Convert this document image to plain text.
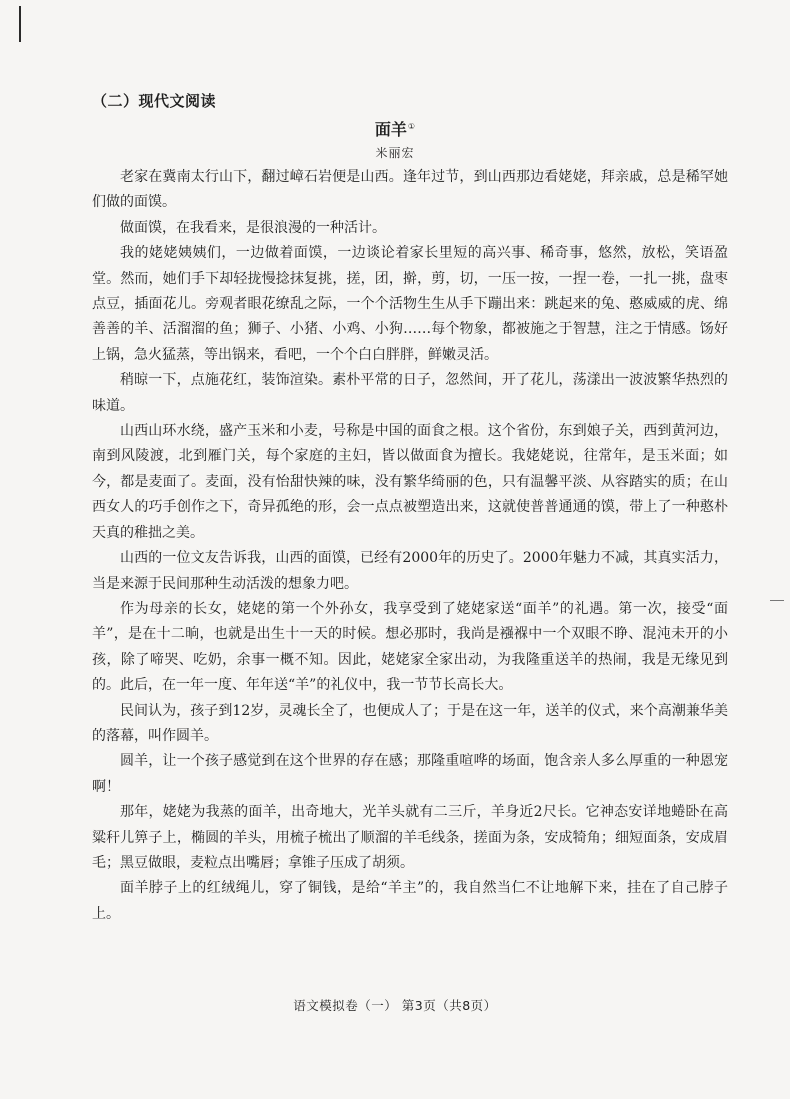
（二）现代文阅读
面羊①
米丽宏

老家在冀南太行山下，翻过嶂石岩便是山西。逢年过节，到山西那边看姥姥，拜亲戚，总是稀罕她们做的面馍。

做面馍，在我看来，是很浪漫的一种活计。

我的姥姥姨姨们，一边做着面馍，一边谈论着家长里短的高兴事、稀奇事，悠然，放松，笑语盈堂。然而，她们手下却轻拢慢捻抹复挑，搓，团，擀，剪，切，一压一按，一捏一卷，一扎一挑，盘枣点豆，插面花儿。旁观者眼花缭乱之际，一个个活物生生从手下蹦出来：跳起来的兔、憨威威的虎、绵善善的羊、活溜溜的鱼；狮子、小猪、小鸡、小狗……每个物象，都被施之于智慧，注之于情感。饧好上锅，急火猛蒸，等出锅来，看吧，一个个白白胖胖，鲜嫩灵活。

稍晾一下，点施花红，装饰渲染。素朴平常的日子，忽然间，开了花儿，荡漾出一波波繁华热烈的味道。

山西山环水绕，盛产玉米和小麦，号称是中国的面食之根。这个省份，东到娘子关，西到黄河边，南到风陵渡，北到雁门关，每个家庭的主妇，皆以做面食为擅长。我姥姥说，往常年，是玉米面；如今，都是麦面了。麦面，没有怡甜快辣的味，没有繁华绮丽的色，只有温馨平淡、从容踏实的质；在山西女人的巧手创作之下，奇异孤绝的形，会一点点被塑造出来，这就使普普通通的馍，带上了一种憨朴天真的稚拙之美。

山西的一位文友告诉我，山西的面馍，已经有2000年的历史了。2000年魅力不减，其真实活力，当是来源于民间那种生动活泼的想象力吧。

作为母亲的长女，姥姥的第一个外孙女，我享受到了姥姥家送“面羊”的礼遇。第一次，接受“面羊”，是在十二晌，也就是出生十一天的时候。想必那时，我尚是襁褓中一个双眼不睁、混沌未开的小孩，除了啼哭、吃奶，余事一概不知。因此，姥姥家全家出动，为我隆重送羊的热闹，我是无缘见到的。此后，在一年一度、年年送“羊”的礼仪中，我一节节长高长大。

民间认为，孩子到12岁，灵魂长全了，也便成人了；于是在这一年，送羊的仪式，来个高潮兼华美的落幕，叫作圆羊。

圆羊，让一个孩子感觉到在这个世界的存在感；那隆重喧哗的场面，饱含亲人多么厚重的一种恩宠啊！

那年，姥姥为我蒸的面羊，出奇地大，光羊头就有二三斤，羊身近2尺长。它神态安详地蜷卧在高粱秆儿箅子上，椭圆的羊头，用梳子梳出了顺溜的羊毛线条，搓面为条，安成犄角；细短面条，安成眉毛；黑豆做眼，麦粒点出嘴唇；拿锥子压成了胡须。

面羊脖子上的红绒绳儿，穿了铜钱，是给“羊主”的，我自然当仁不让地解下来，挂在了自己脖子上。

语文模拟卷（一） 第3页（共8页）
